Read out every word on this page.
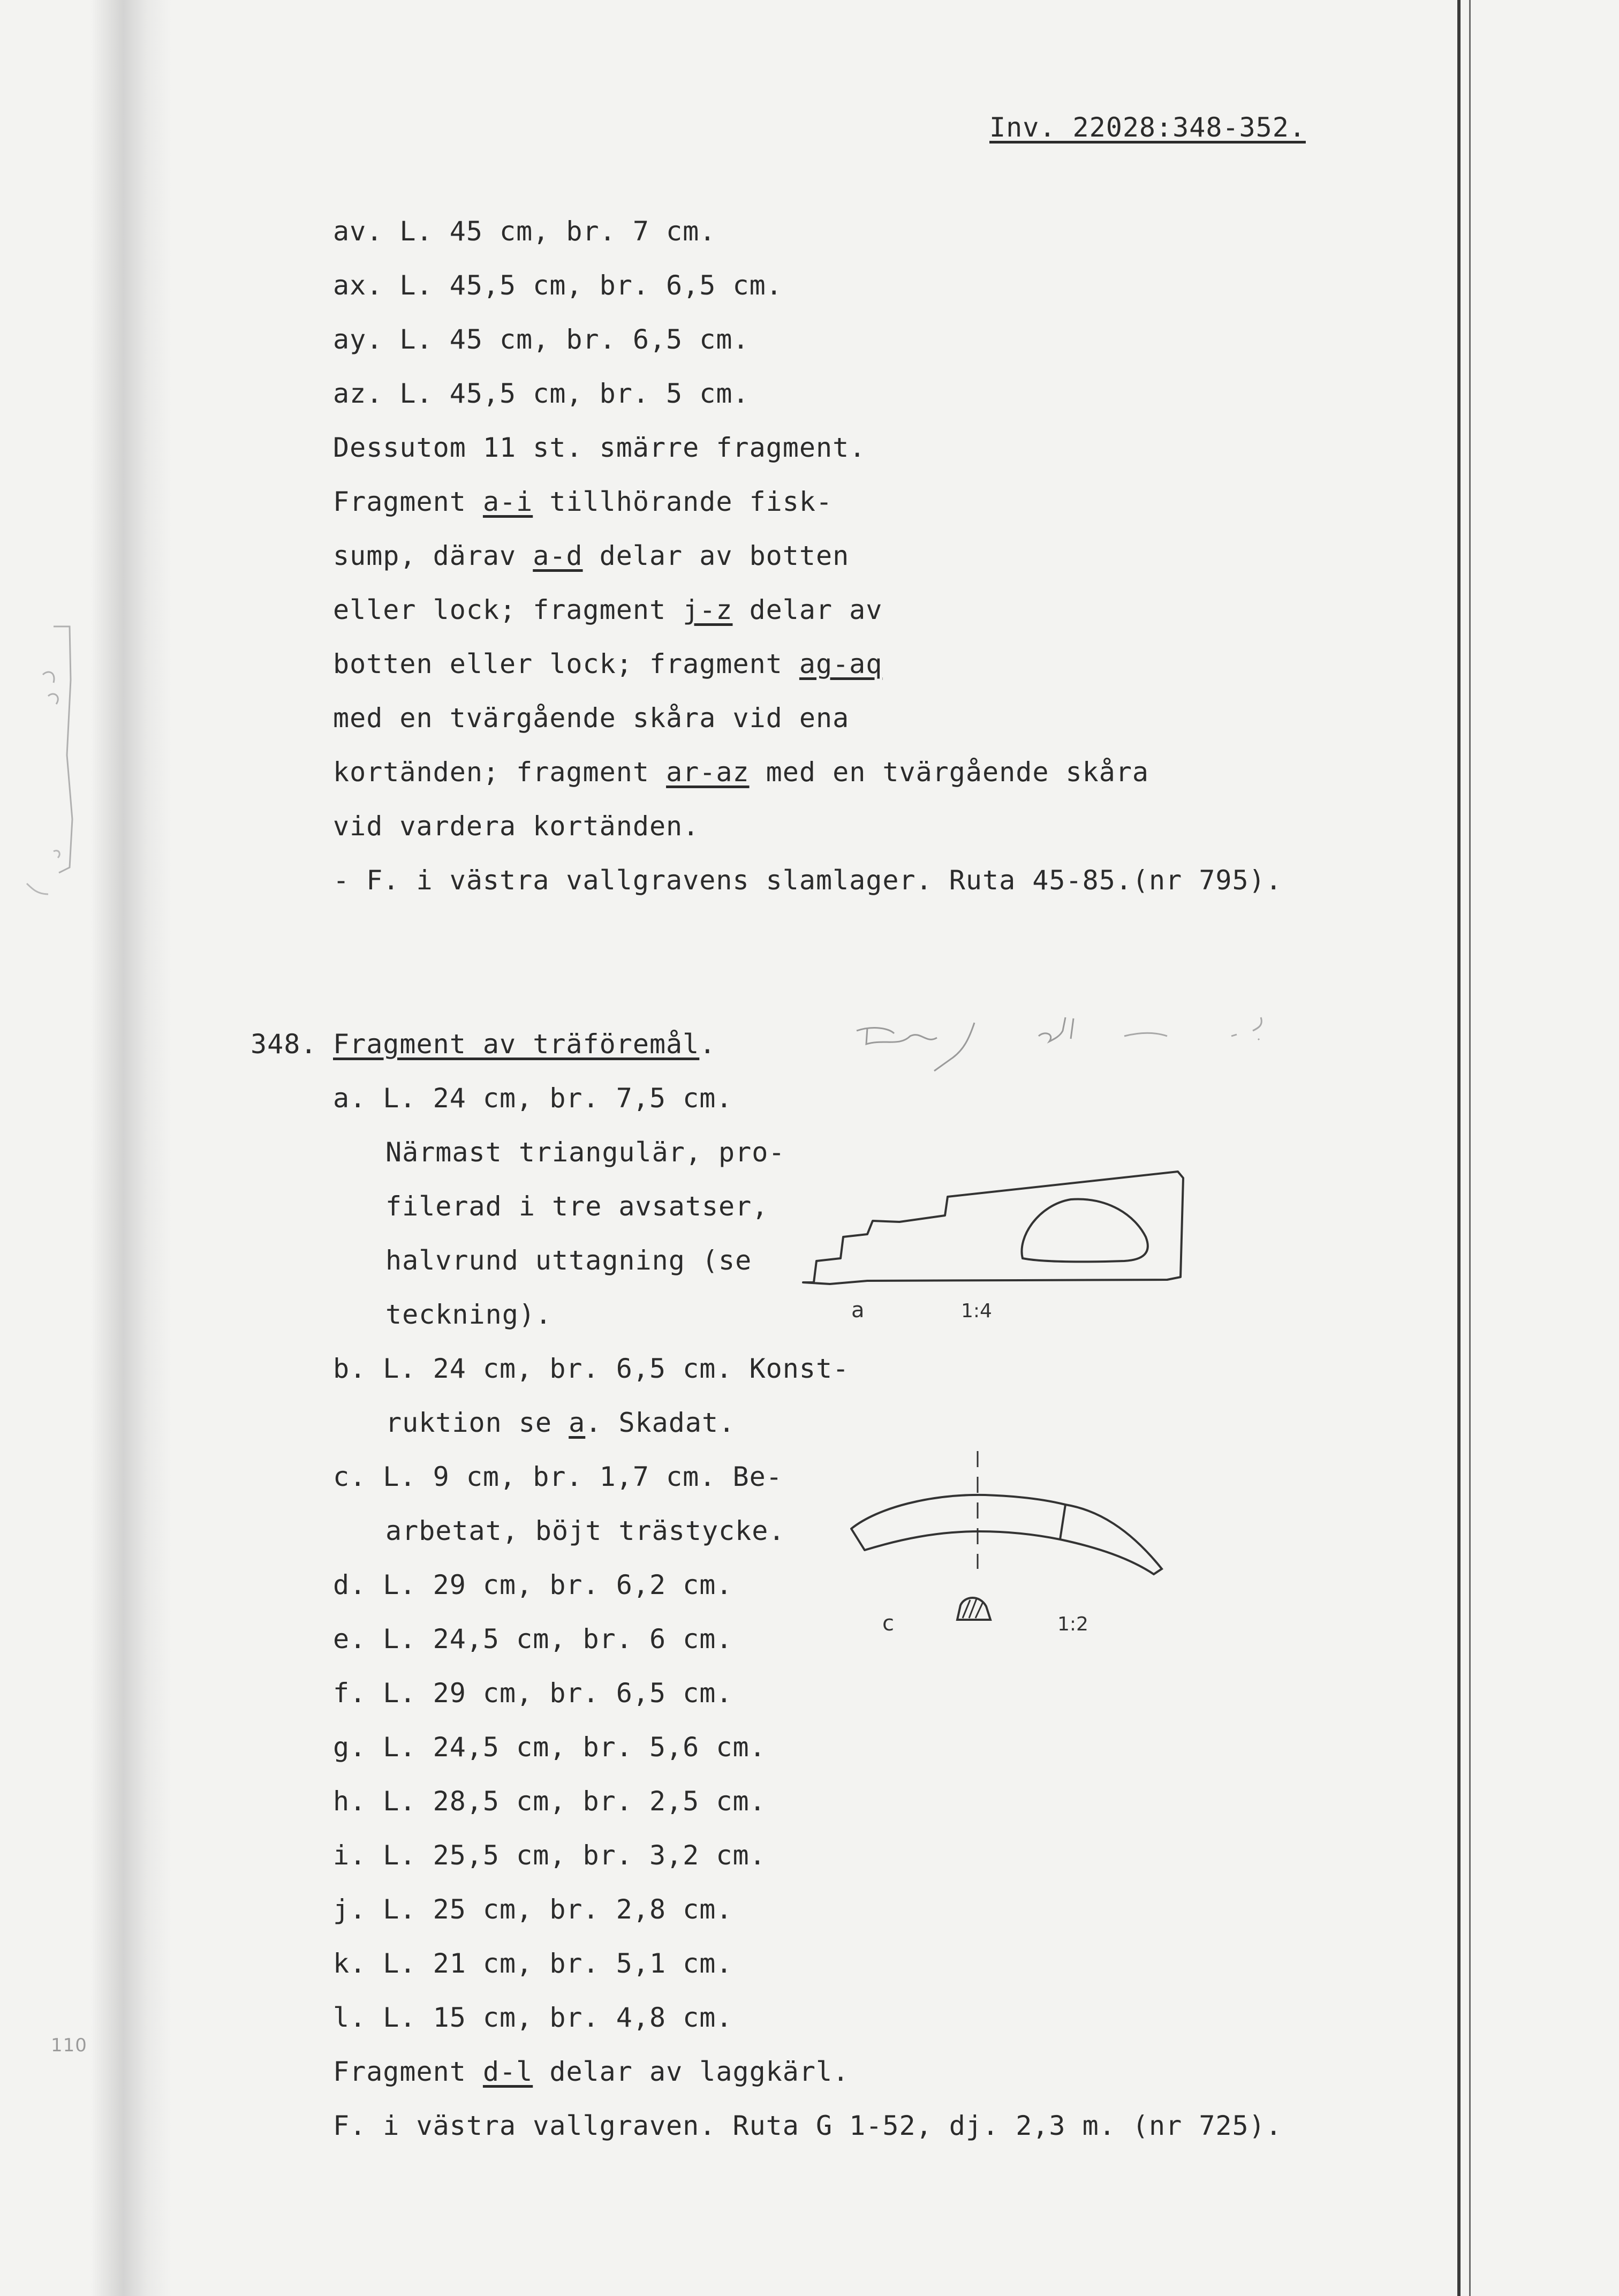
Inv. 22028:348-352.
av. L. 45 cm, br. 7 cm.
ax. L. 45,5 cm, br. 6,5 cm.
ay. L. 45 cm, br. 6,5 cm.
az. L. 45,5 cm, br. 5 cm.
Dessutom 11 st. smärre fragment.
Fragment a-i tillhörande fisk-
sump, därav a-d delar av botten
eller lock; fragment j-z delar av
botten eller lock; fragment ag-aq
med en tvärgående skåra vid ena
kortänden; fragment ar-az med en tvärgående skåra
vid vardera kortänden.
- F. i västra vallgravens slamlager. Ruta 45-85.(nr 795).
348. Fragment av träföremål.
a. L. 24 cm, br. 7,5 cm.
Närmast triangulär, pro-
filerad i tre avsatser,
halvrund uttagning (se
teckning).
b. L. 24 cm, br. 6,5 cm. Konst-
ruktion se a. Skadat.
c. L. 9 cm, br. 1,7 cm. Be-
arbetat, böjt trästycke.
d. L. 29 cm, br. 6,2 cm.
e. L. 24,5 cm, br. 6 cm.
f. L. 29 cm, br. 6,5 cm.
g. L. 24,5 cm, br. 5,6 cm.
h. L. 28,5 cm, br. 2,5 cm.
i. L. 25,5 cm, br. 3,2 cm.
j. L. 25 cm, br. 2,8 cm.
k. L. 21 cm, br. 5,1 cm.
l. L. 15 cm, br. 4,8 cm.
Fragment d-l delar av laggkärl.
F. i västra vallgraven. Ruta G 1-52, dj. 2,3 m. (nr 725).
a	1:4
c	1:2
110
